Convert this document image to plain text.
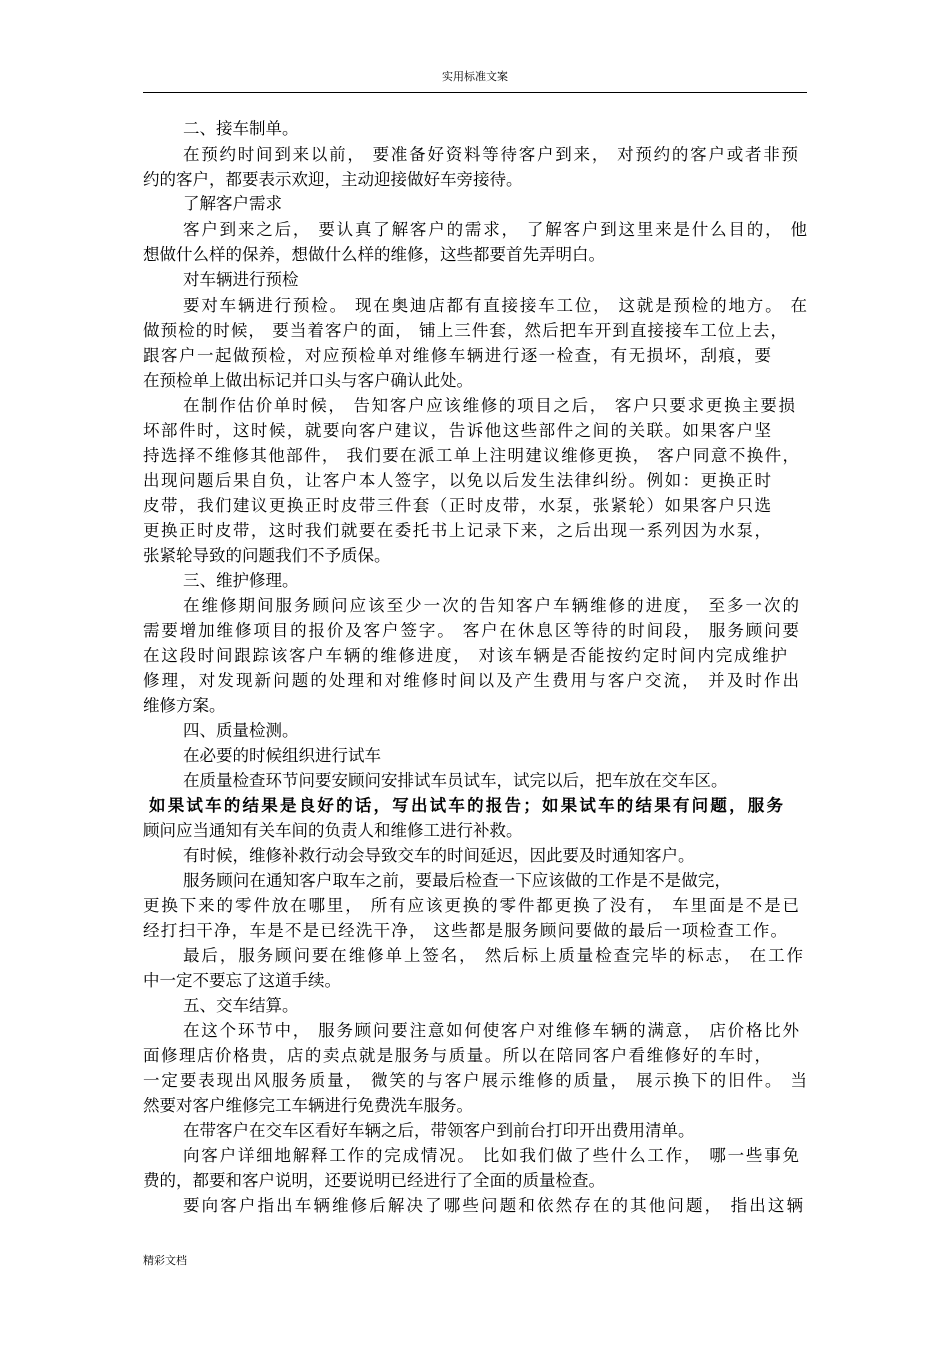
实用标准文案
二、接车制单。
在预约时间到来以前， 要准备好资料等待客户到来， 对预约的客户或者非预
约的客户，都要表示欢迎，主动迎接做好车旁接待。
了解客户需求
客户到来之后， 要认真了解客户的需求， 了解客户到这里来是什么目的， 他
想做什么样的保养，想做什么样的维修，这些都要首先弄明白。
对车辆进行预检
要对车辆进行预检。 现在奥迪店都有直接接车工位， 这就是预检的地方。 在
做预检的时候， 要当着客户的面， 铺上三件套，然后把车开到直接接车工位上去，
跟客户一起做预检，对应预检单对维修车辆进行逐一检查，有无损坏，刮痕，要
在预检单上做出标记并口头与客户确认此处。
在制作估价单时候， 告知客户应该维修的项目之后， 客户只要求更换主要损
坏部件时，这时候，就要向客户建议，告诉他这些部件之间的关联。如果客户坚
持选择不维修其他部件， 我们要在派工单上注明建议维修更换， 客户同意不换件，
出现问题后果自负，让客户本人签字，以免以后发生法律纠纷。例如：更换正时
皮带，我们建议更换正时皮带三件套（正时皮带，水泵，张紧轮）如果客户只选
更换正时皮带，这时我们就要在委托书上记录下来，之后出现一系列因为水泵，
张紧轮导致的问题我们不予质保。
三、维护修理。
在维修期间服务顾问应该至少一次的告知客户车辆维修的进度， 至多一次的
需要增加维修项目的报价及客户签字。 客户在休息区等待的时间段， 服务顾问要
在这段时间跟踪该客户车辆的维修进度， 对该车辆是否能按约定时间内完成维护
修理，对发现新问题的处理和对维修时间以及产生费用与客户交流， 并及时作出
维修方案。
四、质量检测。
在必要的时候组织进行试车
在质量检查环节问要安顾问安排试车员试车，试完以后，把车放在交车区。
如果试车的结果是良好的话，写出试车的报告；如果试车的结果有问题，服务
顾问应当通知有关车间的负责人和维修工进行补救。
有时候，维修补救行动会导致交车的时间延迟，因此要及时通知客户。
服务顾问在通知客户取车之前，要最后检查一下应该做的工作是不是做完，
更换下来的零件放在哪里， 所有应该更换的零件都更换了没有， 车里面是不是已
经打扫干净，车是不是已经洗干净， 这些都是服务顾问要做的最后一项检查工作。
最后，服务顾问要在维修单上签名， 然后标上质量检查完毕的标志， 在工作
中一定不要忘了这道手续。
五、交车结算。
在这个环节中， 服务顾问要注意如何使客户对维修车辆的满意， 店价格比外
面修理店价格贵，店的卖点就是服务与质量。所以在陪同客户看维修好的车时，
一定要表现出风服务质量， 微笑的与客户展示维修的质量， 展示换下的旧件。 当
然要对客户维修完工车辆进行免费洗车服务。
在带客户在交车区看好车辆之后，带领客户到前台打印开出费用清单。
向客户详细地解释工作的完成情况。 比如我们做了些什么工作， 哪一些事免
费的，都要和客户说明，还要说明已经进行了全面的质量检查。
要向客户指出车辆维修后解决了哪些问题和依然存在的其他问题， 指出这辆
精彩文档
